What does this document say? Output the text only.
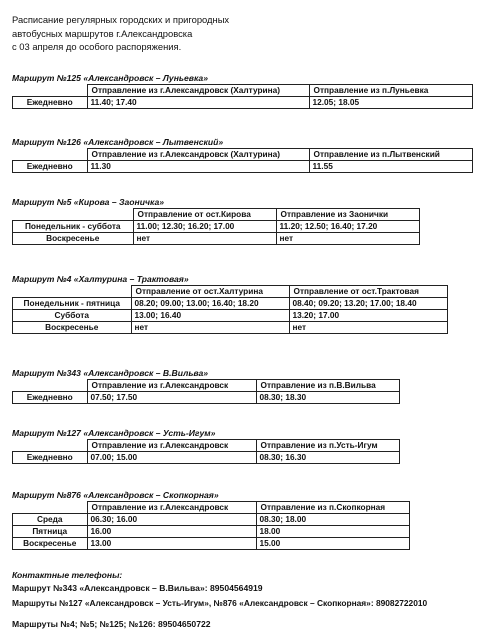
Расписание регулярных городских и пригородных
автобусных маршрутов г.Александровска
с 03 апреля до особого распоряжения.
Маршрут №125 «Александровск – Луньевка»
	Отправление из г.Александровск (Халтурина)	Отправление из п.Луньевка
Ежедневно	11.40; 17.40	12.05; 18.05
Маршрут №126 «Александровск – Лытвенский»
	Отправление из г.Александровск (Халтурина)	Отправление из п.Лытвенский
Ежедневно	11.30	11.55
Маршрут №5 «Кирова – Заоничка»
	Отправление от ост.Кирова	Отправление из Заонички
Понедельник - суббота	11.00; 12.30; 16.20; 17.00	11.20; 12.50; 16.40; 17.20
Воскресенье	нет	нет
Маршрут №4 «Халтурина – Трактовая»
	Отправление от ост.Халтурина	Отправление от ост.Трактовая
Понедельник - пятница	08.20; 09.00; 13.00; 16.40; 18.20	08.40; 09.20; 13.20; 17.00; 18.40
Суббота	13.00; 16.40	13.20; 17.00
Воскресенье	нет	нет
Маршрут №343 «Александровск – В.Вильва»
	Отправление из г.Александровск	Отправление из п.В.Вильва
Ежедневно	07.50; 17.50	08.30; 18.30
Маршрут №127 «Александровск – Усть-Игум»
	Отправление из г.Александровск	Отправление из п.Усть-Игум
Ежедневно	07.00; 15.00	08.30; 16.30
Маршрут №876 «Александровск – Скопкорная»
	Отправление из г.Александровск	Отправление из п.Скопкорная
Среда	06.30; 16.00	08.30; 18.00
Пятница	16.00	18.00
Воскресенье	13.00	15.00
Контактные телефоны:
Маршрут №343 «Александровск – В.Вильва»: 89504564919
Маршруты №127 «Александровск – Усть-Игум», №876 «Александровск – Скопкорная»: 89082722010
Маршруты №4; №5; №125; №126: 89504650722
